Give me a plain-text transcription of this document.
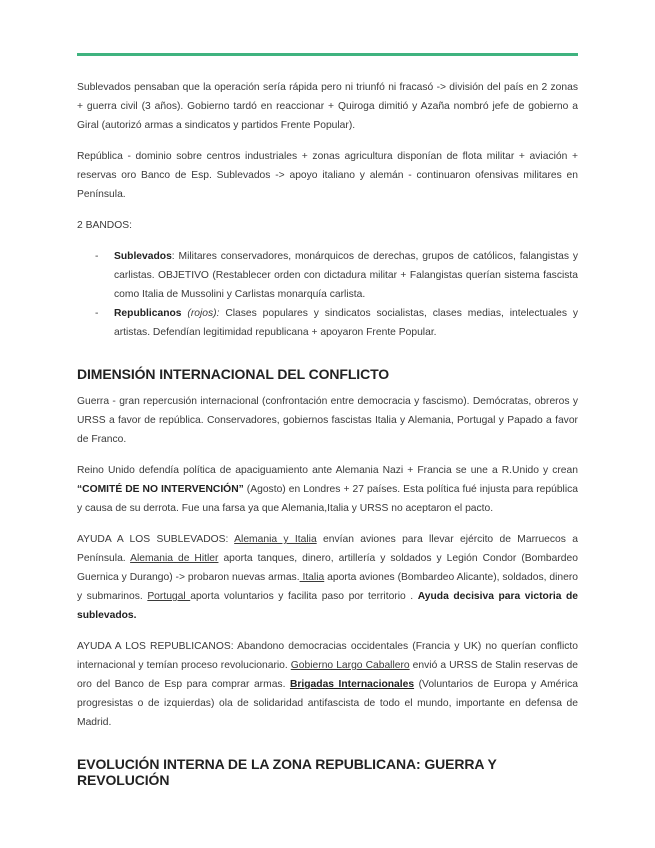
Sublevados pensaban que la operación sería rápida pero ni triunfó ni fracasó -> división del país en 2 zonas + guerra civil (3 años). Gobierno tardó en reaccionar + Quiroga dimitió y Azaña nombró jefe de gobierno a Giral (autorizó armas a sindicatos y partidos Frente Popular).

República - dominio sobre centros industriales + zonas agricultura disponían de flota militar + aviación + reservas oro Banco de Esp. Sublevados -> apoyo italiano y alemán - continuaron ofensivas militares en Península.

2 BANDOS:

- Sublevados: Militares conservadores, monárquicos de derechas, grupos de católicos, falangistas y carlistas. OBJETIVO (Restablecer orden con dictadura militar + Falangistas querían sistema fascista como Italia de Mussolini y Carlistas monarquía carlista.
- Republicanos (rojos): Clases populares y sindicatos socialistas, clases medias, intelectuales y artistas. Defendían legitimidad republicana + apoyaron Frente Popular.
DIMENSIÓN INTERNACIONAL DEL CONFLICTO

Guerra - gran repercusión internacional (confrontación entre democracia y fascismo). Demócratas, obreros y URSS a favor de república. Conservadores, gobiernos fascistas Italia y Alemania, Portugal y Papado a favor de Franco.

Reino Unido defendía política de apaciguamiento ante Alemania Nazi + Francia se une a R.Unido y crean “COMITÉ DE NO INTERVENCIÓN” (Agosto) en Londres + 27 países. Esta política fué injusta para república y causa de su derrota. Fue una farsa ya que Alemania,Italia y URSS no aceptaron el pacto.

AYUDA A LOS SUBLEVADOS: Alemania y Italia envían aviones para llevar ejército de Marruecos a Península. Alemania de Hitler aporta tanques, dinero, artillería y soldados y Legión Condor (Bombardeo Guernica y Durango) -> probaron nuevas armas. Italia aporta aviones (Bombardeo Alicante), soldados, dinero y submarinos. Portugal aporta voluntarios y facilita paso por territorio . Ayuda decisiva para victoria de sublevados.

AYUDA A LOS REPUBLICANOS: Abandono democracias occidentales (Francia y UK) no querían conflicto internacional y temían proceso revolucionario. Gobierno Largo Caballero envió a URSS de Stalin reservas de oro del Banco de Esp para comprar armas. Brigadas Internacionales (Voluntarios de Europa y América progresistas o de izquierdas) ola de solidaridad antifascista de todo el mundo, importante en defensa de Madrid.

EVOLUCIÓN INTERNA DE LA ZONA REPUBLICANA: GUERRA Y REVOLUCIÓN
